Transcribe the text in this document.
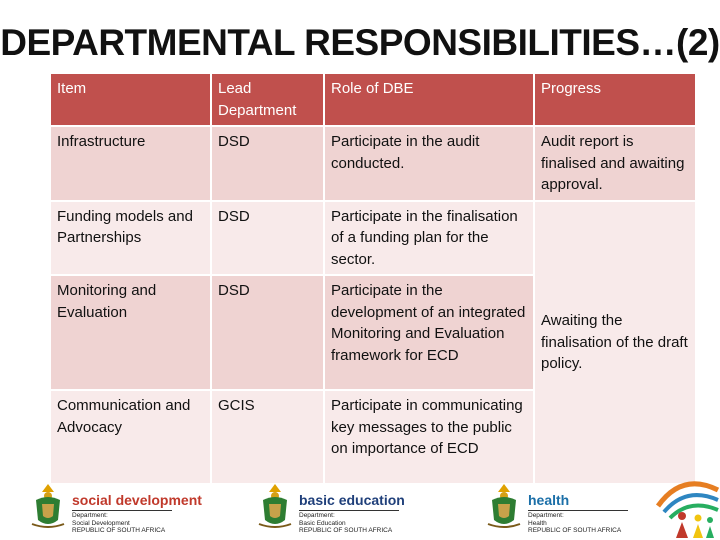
DEPARTMENTAL RESPONSIBILITIES…(2)
Item	Lead Department	Role of DBE	Progress
Infrastructure	DSD	Participate in the audit conducted.	Audit report is finalised and awaiting approval.
Funding models and Partnerships	DSD	Participate in the finalisation of a funding plan for the sector.	Awaiting the finalisation of the draft policy.
Monitoring and Evaluation	DSD	Participate in the development of an integrated Monitoring and Evaluation framework for ECD	
Communication and Advocacy	GCIS	Participate in communicating key messages to the public on importance of ECD	
social development
Department:
Social Development
REPUBLIC OF SOUTH AFRICA
basic education
Department:
Basic Education
REPUBLIC OF SOUTH AFRICA
health
Department:
Health
REPUBLIC OF SOUTH AFRICA
